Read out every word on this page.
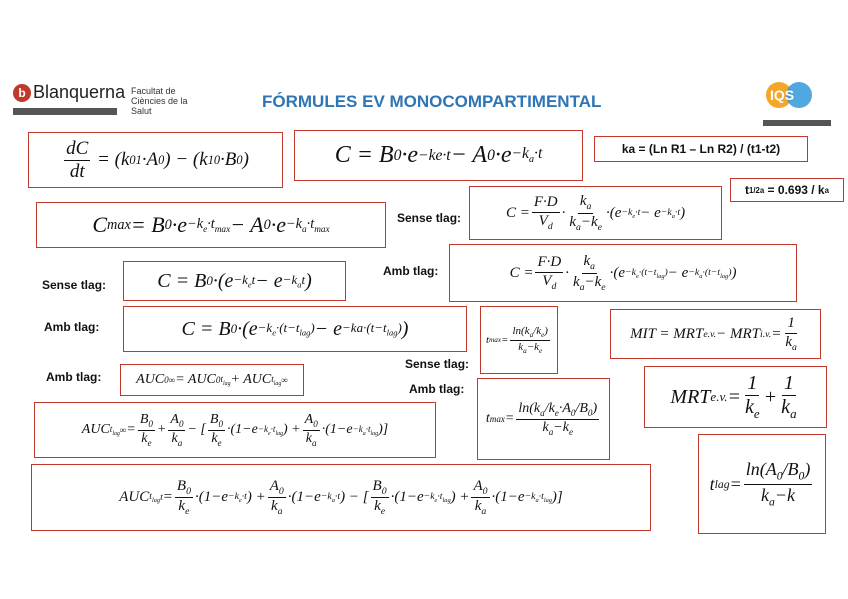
b Blanquerna Facultat de Ciències de la Salut
IQS
FÓRMULES EV MONOCOMPARTIMENTAL
$\frac{dC}{dt} = (k$ 01 ·A 0 ) − (k 10 ·B 0 )	C = B 0 ·e −ke·t − A $0 \cdot e -k_a\cdot t$	ka = (Ln R1 – Ln R2) / (t1-t2)
t 1/2a = 0.693 / k a
C max = B $0 \cdot e -k_e\cdot t_{max} - A$ $0 \cdot e -k_a\cdot t_{max}$
Sense tlag:	$C = \frac{F\cdot D}{V_d} \cdot \frac{k_a}{k_a-k_e} \cdot(e -k_e\cdot t - e -k_a\cdot t$ )
Amb tlag:	$C = \frac{F\cdot D}{V_d} \cdot \frac{k_a}{k_a-k_e} \cdot(e -k_e\cdot(t-t_{lag}) - e -k_a\cdot(t-t_{lag})$ )
Sense tlag:	C = B $0 \cdot(e -k_et - e -k_at$ )
Amb tlag:	C = B $0 \cdot(e -k_e\cdot(t-t_{lag}) - e -ka\cdot(t-t_{lag})$ )
t $\max = \frac{\ln(k_a/k_e)}{k_a-k_e}$	MIT = MRT e.v. − MRT i.v. = $\frac{1}{k_a}$
Sense tlag:
Amb tlag:	AUC 0 ∞ = AUC 0 $t_{lag}$ + AUC $t_{lag}$ ∞
Amb tlag:
t $\max = \frac{\ln(k_a/k_e\cdot A_0/B_0)}{k_a-k_e}$
MRT e.v. = $\frac{1}{k_e} + \frac{1}{k_a}$
AUC $t_{lag}$ ∞ = $\frac{B_0}{k_e} + \frac{A_0}{k_a}$ − [ $\frac{B_0}{k_e} \cdot(1-e -k_e\cdot t_{lag}$ ) + $\frac{A_0}{k_a} \cdot(1-e -k_a\cdot t_{lag}$ )]
t lag = $\frac{\ln(A_0/B_0)}{k_a-k}$
AUC $t_{lag}$ $t = \frac{B_0}{k_e} \cdot(1-e -k_e\cdot t$ ) + $\frac{A_0}{k_a} \cdot(1-e -k_a\cdot t$ ) − [ $\frac{B_0}{k_e} \cdot(1-e -k_e\cdot t_{lag}$ ) + $\frac{A_0}{k_a} \cdot(1-e -k_a\cdot t_{lag}$ )]
